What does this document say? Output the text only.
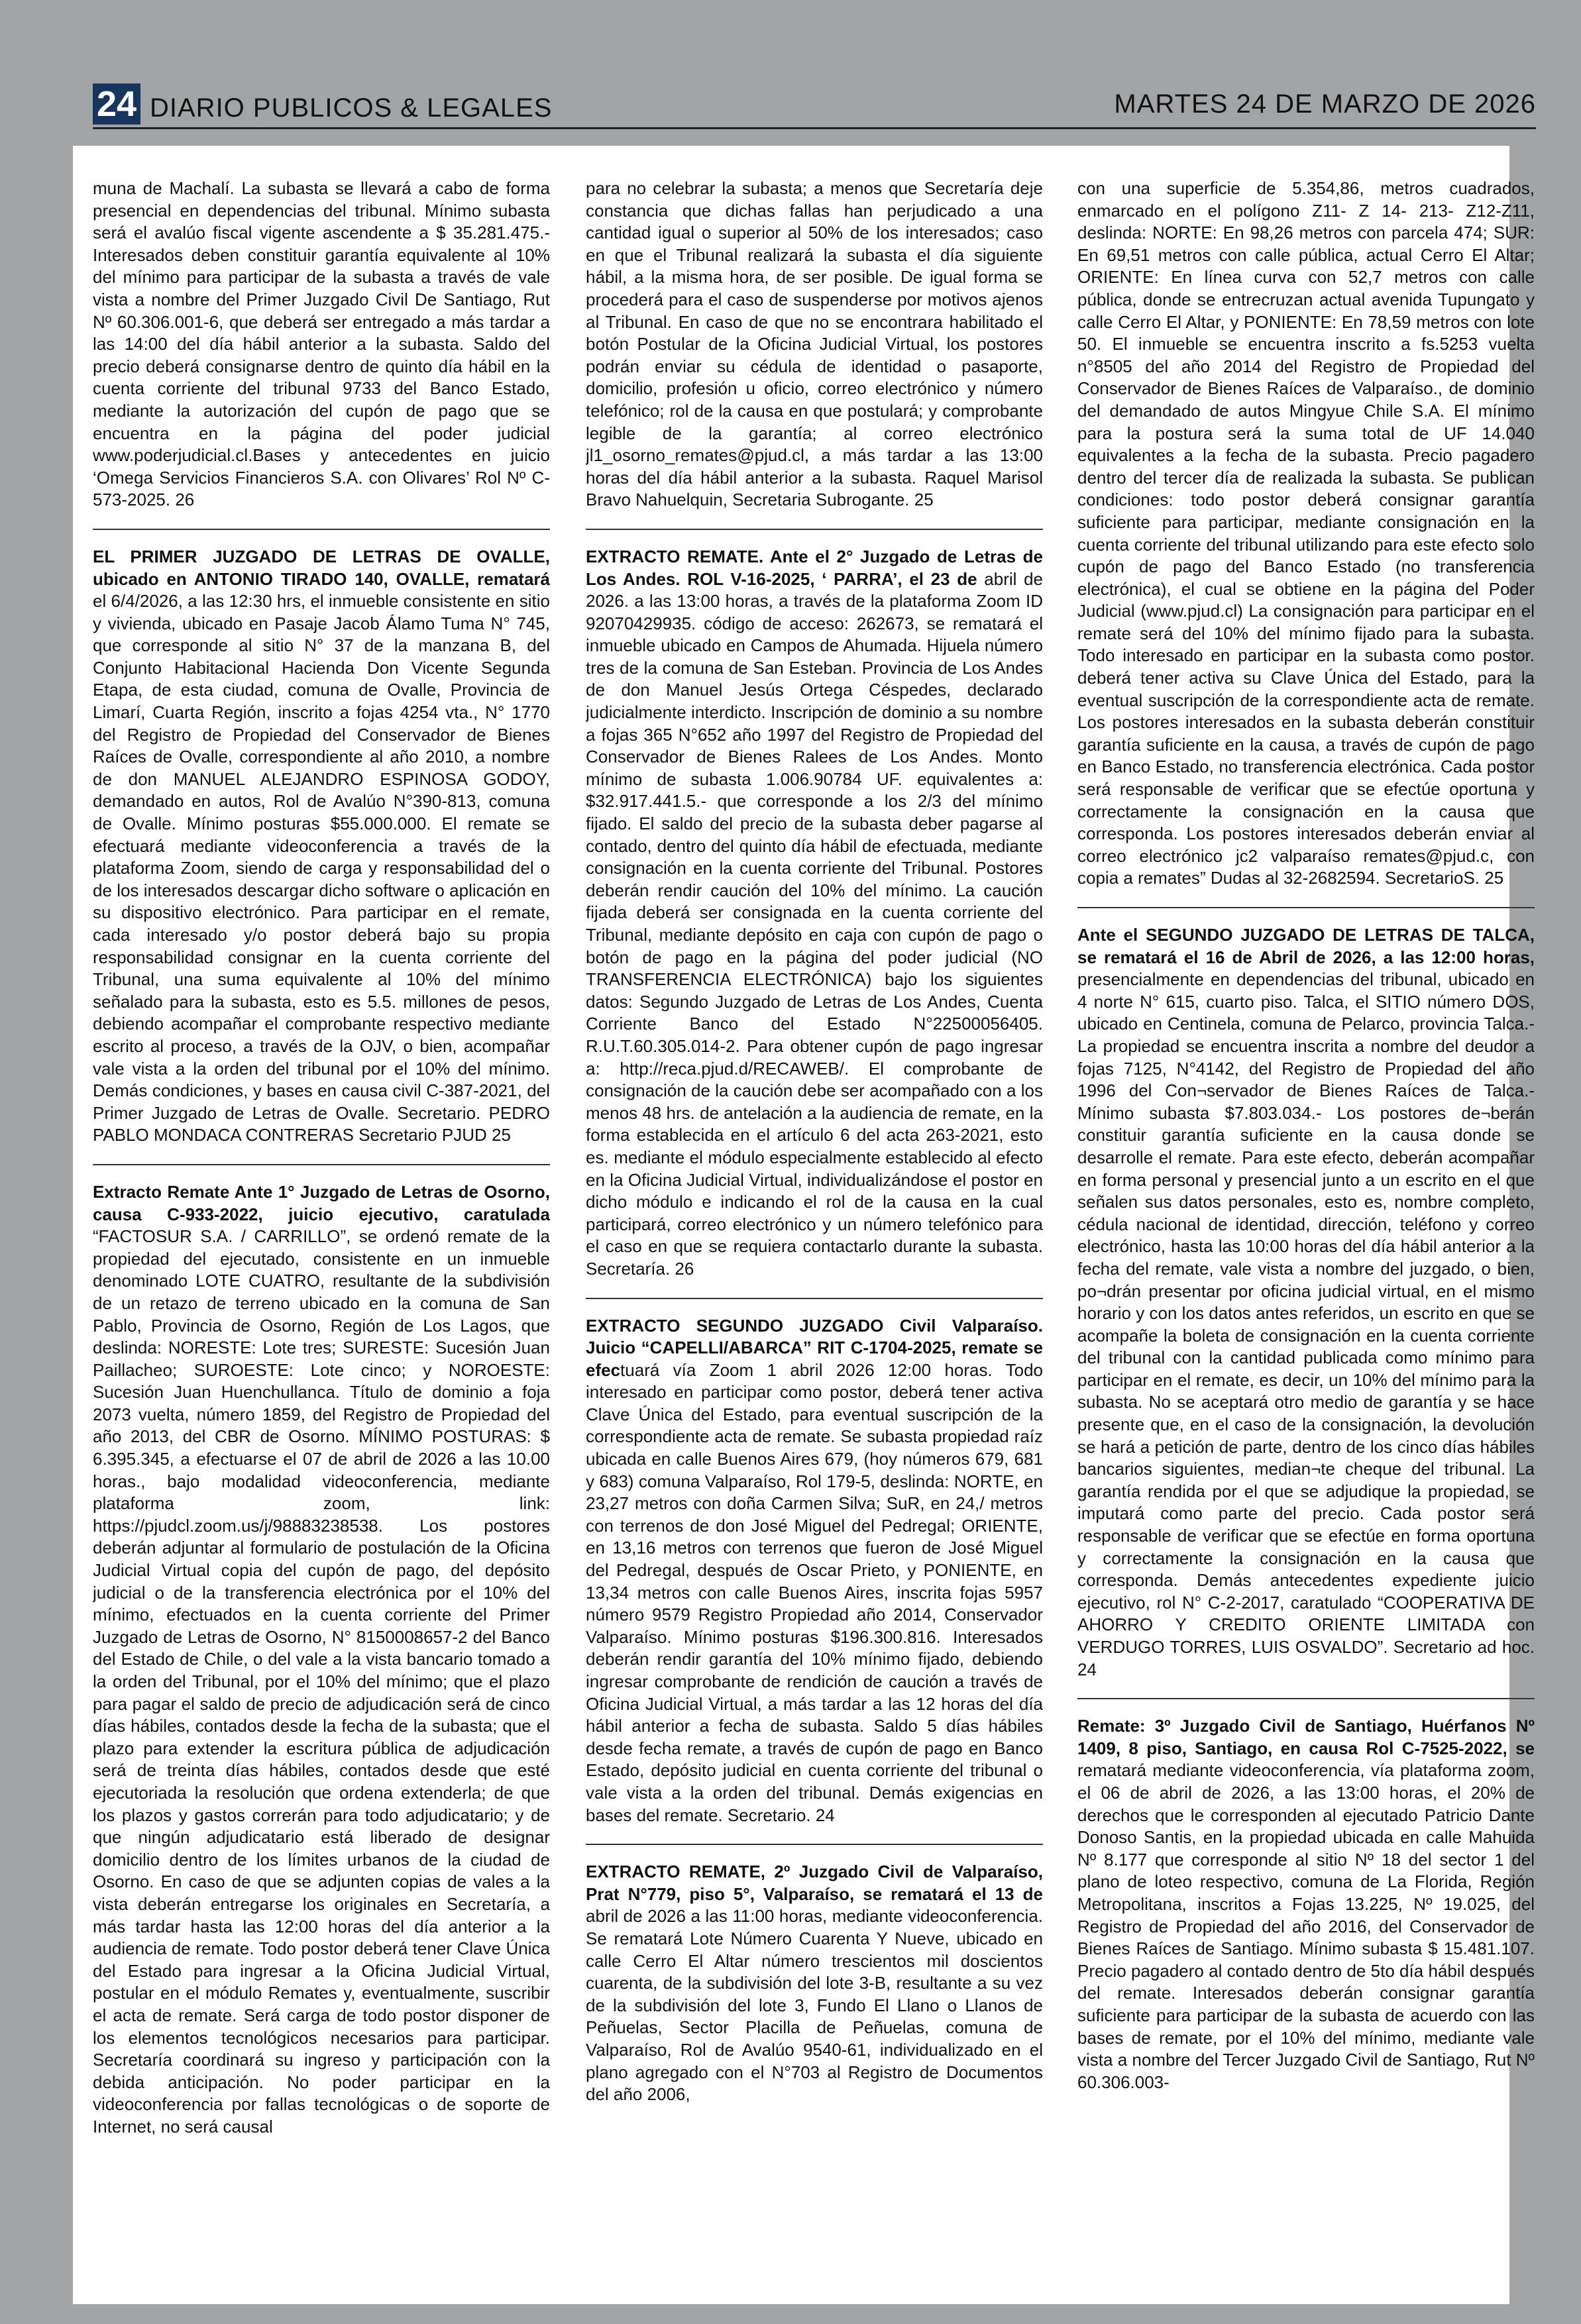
24 DIARIO PUBLICOS & LEGALES	MARTES 24 DE MARZO DE 2026

muna de Machalí. La subasta se llevará a cabo de forma presencial en dependencias del tribunal. Mínimo subasta será el avalúo fiscal vigente ascendente a $ 35.281.475.- Interesados deben constituir garantía equivalente al 10% del mínimo para participar de la subasta a través de vale vista a nombre del Primer Juzgado Civil De Santiago, Rut Nº 60.306.001-6, que deberá ser entregado a más tardar a las 14:00 del día hábil anterior a la subasta. Saldo del precio deberá consignarse dentro de quinto día hábil en la cuenta corriente del tribunal 9733 del Banco Estado, mediante la autorización del cupón de pago que se encuentra en la página del poder judicial www.poderjudicial.cl.Bases y antecedentes en juicio ‘Omega Servicios Financieros S.A. con Olivares’ Rol Nº C-573-2025. 26

EL PRIMER JUZGADO DE LETRAS DE OVALLE, ubicado en ANTONIO TIRADO 140, OVALLE, rematará el 6/4/2026, a las 12:30 hrs, el inmueble consistente en sitio y vivienda, ubicado en Pasaje Jacob Álamo Tuma N° 745, que corresponde al sitio N° 37 de la manzana B, del Conjunto Habitacional Hacienda Don Vicente Segunda Etapa, de esta ciudad, comuna de Ovalle, Provincia de Limarí, Cuarta Región, inscrito a fojas 4254 vta., N° 1770 del Registro de Propiedad del Conservador de Bienes Raíces de Ovalle, correspondiente al año 2010, a nombre de don MANUEL ALEJANDRO ESPINOSA GODOY, demandado en autos, Rol de Avalúo N°390-813, comuna de Ovalle. Mínimo posturas $55.000.000. El remate se efectuará mediante videoconferencia a través de la plataforma Zoom, siendo de carga y responsabilidad del o de los interesados descargar dicho software o aplicación en su dispositivo electrónico. Para participar en el remate, cada interesado y/o postor deberá bajo su propia responsabilidad consignar en la cuenta corriente del Tribunal, una suma equivalente al 10% del mínimo señalado para la subasta, esto es 5.5. millones de pesos, debiendo acompañar el comprobante respectivo mediante escrito al proceso, a través de la OJV, o bien, acompañar vale vista a la orden del tribunal por el 10% del mínimo. Demás condiciones, y bases en causa civil C-387-2021, del Primer Juzgado de Letras de Ovalle. Secretario. PEDRO PABLO MONDACA CONTRERAS Secretario PJUD 25

Extracto Remate Ante 1° Juzgado de Letras de Osorno, causa C-933-2022, juicio ejecutivo, caratulada “FACTOSUR S.A. / CARRILLO”, se ordenó remate de la propiedad del ejecutado, consistente en un inmueble denominado LOTE CUATRO, resultante de la subdivisión de un retazo de terreno ubicado en la comuna de San Pablo, Provincia de Osorno, Región de Los Lagos, que deslinda: NORESTE: Lote tres; SURESTE: Sucesión Juan Paillacheo; SUROESTE: Lote cinco; y NOROESTE: Sucesión Juan Huenchullanca. Título de dominio a foja 2073 vuelta, número 1859, del Registro de Propiedad del año 2013, del CBR de Osorno. MÍNIMO POSTURAS: $ 6.395.345, a efectuarse el 07 de abril de 2026 a las 10.00 horas., bajo modalidad videoconferencia, mediante plataforma zoom, link: https://pjudcl.zoom.us/j/98883238538. Los postores deberán adjuntar al formulario de postulación de la Oficina Judicial Virtual copia del cupón de pago, del depósito judicial o de la transferencia electrónica por el 10% del mínimo, efectuados en la cuenta corriente del Primer Juzgado de Letras de Osorno, N° 8150008657-2 del Banco del Estado de Chile, o del vale a la vista bancario tomado a la orden del Tribunal, por el 10% del mínimo; que el plazo para pagar el saldo de precio de adjudicación será de cinco días hábiles, contados desde la fecha de la subasta; que el plazo para extender la escritura pública de adjudicación será de treinta días hábiles, contados desde que esté ejecutoriada la resolución que ordena extenderla; de que los plazos y gastos correrán para todo adjudicatario; y de que ningún adjudicatario está liberado de designar domicilio dentro de los límites urbanos de la ciudad de Osorno. En caso de que se adjunten copias de vales a la vista deberán entregarse los originales en Secretaría, a más tardar hasta las 12:00 horas del día anterior a la audiencia de remate. Todo postor deberá tener Clave Única del Estado para ingresar a la Oficina Judicial Virtual, postular en el módulo Remates y, eventualmente, suscribir el acta de remate. Será carga de todo postor disponer de los elementos tecnológicos necesarios para participar. Secretaría coordinará su ingreso y participación con la debida anticipación. No poder participar en la videoconferencia por fallas tecnológicas o de soporte de Internet, no será causal

para no celebrar la subasta; a menos que Secretaría deje constancia que dichas fallas han perjudicado a una cantidad igual o superior al 50% de los interesados; caso en que el Tribunal realizará la subasta el día siguiente hábil, a la misma hora, de ser posible. De igual forma se procederá para el caso de suspenderse por motivos ajenos al Tribunal. En caso de que no se encontrara habilitado el botón Postular de la Oficina Judicial Virtual, los postores podrán enviar su cédula de identidad o pasaporte, domicilio, profesión u oficio, correo electrónico y número telefónico; rol de la causa en que postulará; y comprobante legible de la garantía; al correo electrónico jl1_osorno_remates@pjud.cl, a más tardar a las 13:00 horas del día hábil anterior a la subasta. Raquel Marisol Bravo Nahuelquin, Secretaria Subrogante. 25

EXTRACTO REMATE. Ante el 2° Juzgado de Letras de Los Andes. ROL V-16-2025, ‘ PARRA’, el 23 de abril de 2026. a las 13:00 horas, a través de la plataforma Zoom ID 92070429935. código de acceso: 262673, se rematará el inmueble ubicado en Campos de Ahumada. Hijuela número tres de la comuna de San Esteban. Provincia de Los Andes de don Manuel Jesús Ortega Céspedes, declarado judicialmente interdicto. Inscripción de dominio a su nombre a fojas 365 N°652 año 1997 del Registro de Propiedad del Conservador de Bienes Ralees de Los Andes. Monto mínimo de subasta 1.006.90784 UF. equivalentes a: $32.917.441.5.- que corresponde a los 2/3 del mínimo fijado. El saldo del precio de la subasta deber pagarse al contado, dentro del quinto día hábil de efectuada, mediante consignación en la cuenta corriente del Tribunal. Postores deberán rendir caución del 10% del mínimo. La caución fijada deberá ser consignada en la cuenta corriente del Tribunal, mediante depósito en caja con cupón de pago o botón de pago en la página del poder judicial (NO TRANSFERENCIA ELECTRÓNICA) bajo los siguientes datos: Segundo Juzgado de Letras de Los Andes, Cuenta Corriente Banco del Estado N°22500056405. R.U.T.60.305.014-2. Para obtener cupón de pago ingresar a: http://reca.pjud.d/RECAWEB/. El comprobante de consignación de la caución debe ser acompañado con a los menos 48 hrs. de antelación a la audiencia de remate, en la forma establecida en el artículo 6 del acta 263-2021, esto es. mediante el módulo especialmente establecido al efecto en la Oficina Judicial Virtual, individualizándose el postor en dicho módulo e indicando el rol de la causa en la cual participará, correo electrónico y un número telefónico para el caso en que se requiera contactarlo durante la subasta. Secretaría. 26

EXTRACTO SEGUNDO JUZGADO Civil Valparaíso. Juicio “CAPELLI/ABARCA” RIT C-1704-2025, remate se efectuará vía Zoom 1 abril 2026 12:00 horas. Todo interesado en participar como postor, deberá tener activa Clave Única del Estado, para eventual suscripción de la correspondiente acta de remate. Se subasta propiedad raíz ubicada en calle Buenos Aires 679, (hoy números 679, 681 y 683) comuna Valparaíso, Rol 179-5, deslinda: NORTE, en 23,27 metros con doña Carmen Silva; SuR, en 24,/ metros con terrenos de don José Miguel del Pedregal; ORIENTE, en 13,16 metros con terrenos que fueron de José Miguel del Pedregal, después de Oscar Prieto, y PONIENTE, en 13,34 metros con calle Buenos Aires, inscrita fojas 5957 número 9579 Registro Propiedad año 2014, Conservador Valparaíso. Mínimo posturas $196.300.816. Interesados deberán rendir garantía del 10% mínimo fijado, debiendo ingresar comprobante de rendición de caución a través de Oficina Judicial Virtual, a más tardar a las 12 horas del día hábil anterior a fecha de subasta. Saldo 5 días hábiles desde fecha remate, a través de cupón de pago en Banco Estado, depósito judicial en cuenta corriente del tribunal o vale vista a la orden del tribunal. Demás exigencias en bases del remate. Secretario. 24

EXTRACTO REMATE, 2º Juzgado Civil de Valparaíso, Prat N°779, piso 5°, Valparaíso, se rematará el 13 de abril de 2026 a las 11:00 horas, mediante videoconferencia. Se rematará Lote Número Cuarenta Y Nueve, ubicado en calle Cerro El Altar número trescientos mil doscientos cuarenta, de la subdivisión del lote 3-B, resultante a su vez de la subdivisión del lote 3, Fundo El Llano o Llanos de Peñuelas, Sector Placilla de Peñuelas, comuna de Valparaíso, Rol de Avalúo 9540-61, individualizado en el plano agregado con el N°703 al Registro de Documentos del año 2006,

con una superficie de 5.354,86, metros cuadrados, enmarcado en el polígono Z11- Z 14- 213- Z12-Z11, deslinda: NORTE: En 98,26 metros con parcela 474; SUR: En 69,51 metros con calle pública, actual Cerro El Altar; ORIENTE: En línea curva con 52,7 metros con calle pública, donde se entrecruzan actual avenida Tupungato y calle Cerro El Altar, y PONIENTE: En 78,59 metros con lote 50. El inmueble se encuentra inscrito a fs.5253 vuelta n°8505 del año 2014 del Registro de Propiedad del Conservador de Bienes Raíces de Valparaíso., de dominio del demandado de autos Mingyue Chile S.A. El mínimo para la postura será la suma total de UF 14.040 equivalentes a la fecha de la subasta. Precio pagadero dentro del tercer día de realizada la subasta. Se publican condiciones: todo postor deberá consignar garantía suficiente para participar, mediante consignación en la cuenta corriente del tribunal utilizando para este efecto solo cupón de pago del Banco Estado (no transferencia electrónica), el cual se obtiene en la página del Poder Judicial (www.pjud.cl) La consignación para participar en el remate será del 10% del mínimo fijado para la subasta. Todo interesado en participar en la subasta como postor. deberá tener activa su Clave Única del Estado, para la eventual suscripción de la correspondiente acta de remate. Los postores interesados en la subasta deberán constituir garantía suficiente en la causa, a través de cupón de pago en Banco Estado, no transferencia electrónica. Cada postor será responsable de verificar que se efectúe oportuna y correctamente la consignación en la causa que corresponda. Los postores interesados deberán enviar al correo electrónico jc2 valparaíso remates@pjud.c, con copia a remates” Dudas al 32-2682594. SecretarioS. 25

Ante el SEGUNDO JUZGADO DE LETRAS DE TALCA, se rematará el 16 de Abril de 2026, a las 12:00 horas, presencialmente en dependencias del tribunal, ubicado en 4 norte N° 615, cuarto piso. Talca, el SITIO número DOS, ubicado en Centinela, comuna de Pelarco, provincia Talca.- La propiedad se encuentra inscrita a nombre del deudor a fojas 7125, N°4142, del Registro de Propiedad del año 1996 del Con¬servador de Bienes Raíces de Talca.- Mínimo subasta $7.803.034.- Los postores de¬berán constituir garantía suficiente en la causa donde se desarrolle el remate. Para este efecto, deberán acompañar en forma personal y presencial junto a un escrito en el que señalen sus datos personales, esto es, nombre completo, cédula nacional de identidad, dirección, teléfono y correo electrónico, hasta las 10:00 horas del día hábil anterior a la fecha del remate, vale vista a nombre del juzgado, o bien, po¬drán presentar por oficina judicial virtual, en el mismo horario y con los datos antes referidos, un escrito en que se acompañe la boleta de consignación en la cuenta corriente del tribunal con la cantidad publicada como mínimo para participar en el remate, es decir, un 10% del mínimo para la subasta. No se aceptará otro medio de garantía y se hace presente que, en el caso de la consignación, la devolución se hará a petición de parte, dentro de los cinco días hábiles bancarios siguientes, median¬te cheque del tribunal. La garantía rendida por el que se adjudique la propiedad, se imputará como parte del precio. Cada postor será responsable de verificar que se efectúe en forma oportuna y correctamente la consignación en la causa que corresponda. Demás antecedentes expediente juicio ejecutivo, rol N° C-2-2017, caratulado “COOPERATIVA DE AHORRO Y CREDITO ORIENTE LIMITADA con VERDUGO TORRES, LUIS OSVALDO”. Secretario ad hoc. 24

Remate: 3º Juzgado Civil de Santiago, Huérfanos Nº 1409, 8 piso, Santiago, en causa Rol C-7525-2022, se rematará mediante videoconferencia, vía plataforma zoom, el 06 de abril de 2026, a las 13:00 horas, el 20% de derechos que le corresponden al ejecutado Patricio Dante Donoso Santis, en la propiedad ubicada en calle Mahuida Nº 8.177 que corresponde al sitio Nº 18 del sector 1 del plano de loteo respectivo, comuna de La Florida, Región Metropolitana, inscritos a Fojas 13.225, Nº 19.025, del Registro de Propiedad del año 2016, del Conservador de Bienes Raíces de Santiago. Mínimo subasta $ 15.481.107. Precio pagadero al contado dentro de 5to día hábil después del remate. Interesados deberán consignar garantía suficiente para participar de la subasta de acuerdo con las bases de remate, por el 10% del mínimo, mediante vale vista a nombre del Tercer Juzgado Civil de Santiago, Rut Nº 60.306.003-
